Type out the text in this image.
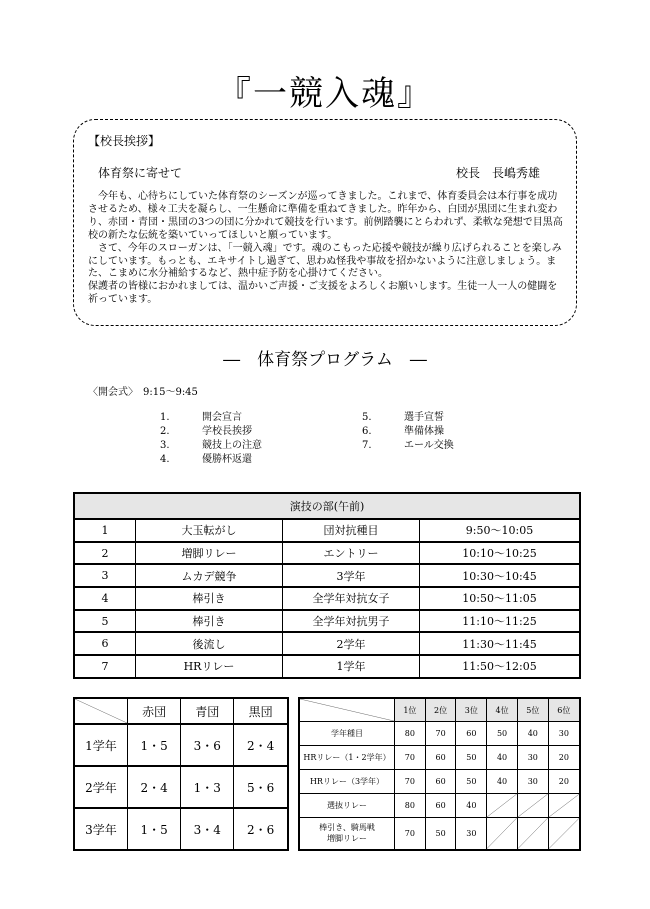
『一競入魂』
【校長挨拶】
体育祭に寄せて	校長　長嶋秀雄

　今年も、心待ちにしていた体育祭のシーズンが巡ってきました。これまで、体育委員会は本行事を成功させるため、様々工夫を凝らし、一生懸命に準備を重ねてきました。昨年から、白団が黒団に生まれ変わり、赤団・青団・黒団の3つの団に分かれて競技を行います。前例踏襲にとらわれず、柔軟な発想で目黒高校の新たな伝統を築いていってほしいと願っています。

　さて、今年のスローガンは、「一競入魂」です。魂のこもった応援や競技が繰り広げられることを楽しみにしています。もっとも、エキサイトし過ぎて、思わぬ怪我や事故を招かないように注意しましょう。また、こまめに水分補給するなど、熱中症予防を心掛けてください。

保護者の皆様におかれましては、温かいご声援・ご支援をよろしくお願いします。生徒一人一人の健闘を祈っています。

―　体育祭プログラム　―
〈開会式〉　9:15～9:45
1.	開会宣言
2.	学校長挨拶
3.	競技上の注意
4.	優勝杯返還
5.	選手宣誓
6.	準備体操
7.	エール交換
演技の部(午前)			
1	大玉転がし	団対抗種目	9:50～10:05
2	増脚リレー	エントリー	10:10～10:25
3	ムカデ競争	3学年	10:30～10:45
4	棒引き	全学年対抗女子	10:50～11:05
5	棒引き	全学年対抗男子	11:10～11:25
6	後流し	2学年	11:30～11:45
7	HRリレー	1学年	11:50～12:05
	赤団	青団	黒団
1学年	1・5	3・6	2・4
2学年	2・4	1・3	5・6
3学年	1・5	3・4	2・6
	1位	2位	3位	4位	5位	6位
学年種目	80	70	60	50	40	30
HRリレー（1・2学年）	70	60	50	40	30	20
HRリレー（3学年）	70	60	50	40	30	20
選抜リレー	80	60	40	

棒引き、騎馬戦
増脚リレー	70	50	30	
